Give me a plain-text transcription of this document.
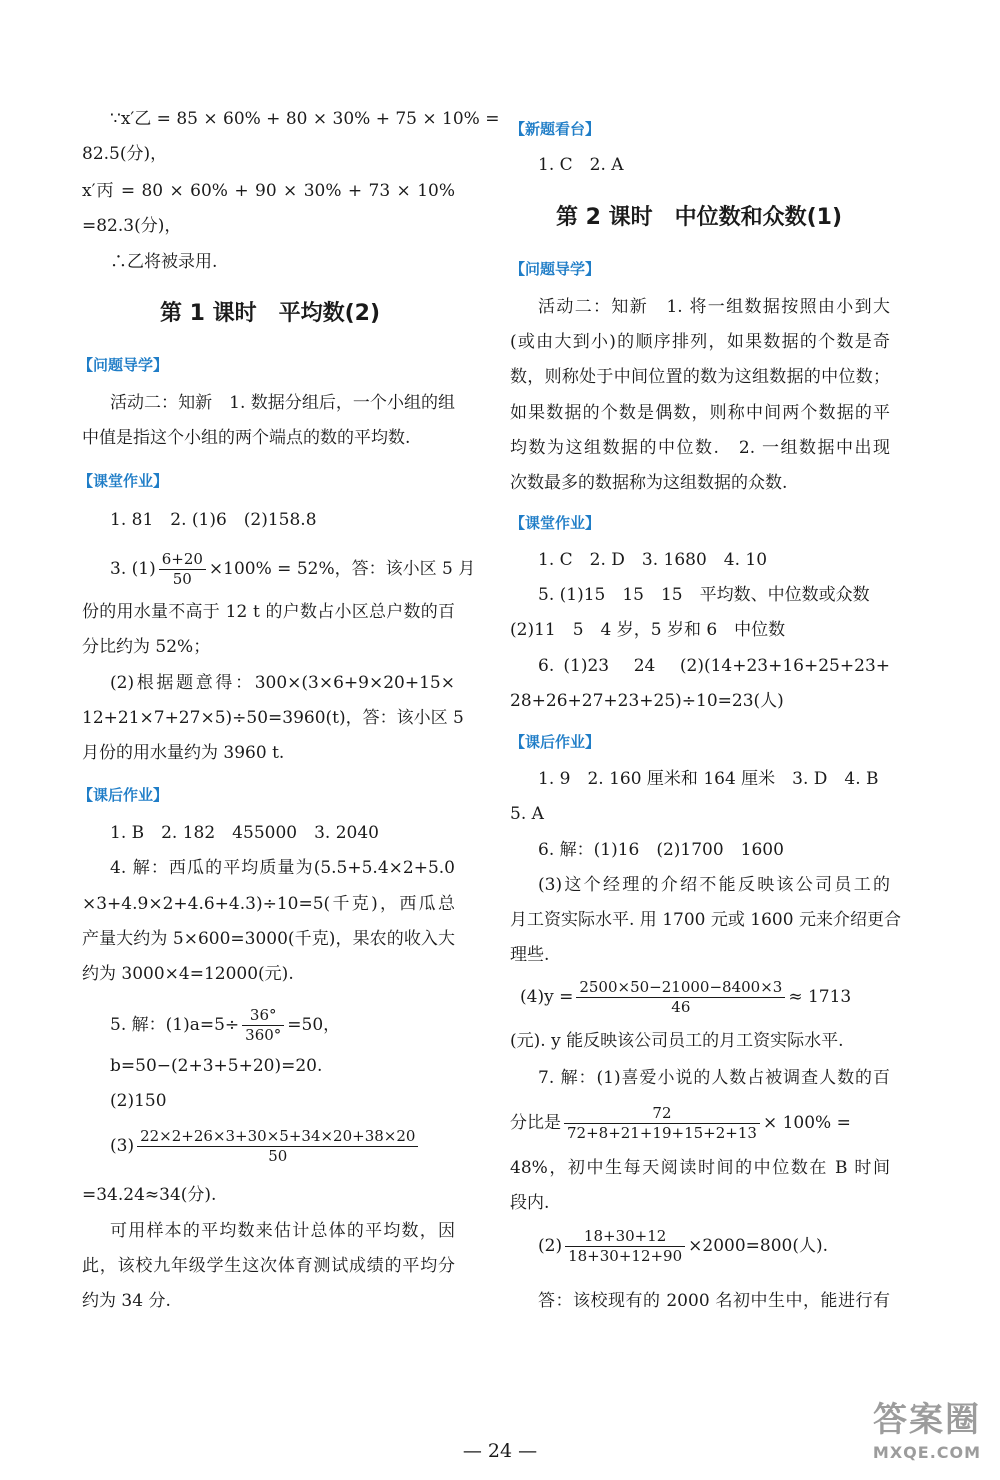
∵x′乙 = 85 × 60% + 80 × 30% + 75 × 10% =
82.5(分)，
x′丙 = 80 × 60% + 90 × 30% + 73 × 10%
=82.3(分)，
∴乙将被录用.
第 1 课时　平均数(2)
【问题导学】
活动二：知新　1. 数据分组后，一个小组的组
中值是指这个小组的两个端点的数的平均数.
【课堂作业】
1. 81　2. (1)6　(2)158.8
3. $(1) \frac{6+20}{50} \times 100\% = 52\%$，答：该小区 5 月
份的用水量不高于 12 t 的户数占小区总户数的百
分比约为 52%；
(2)根据题意得：300×(3×6+9×20+15×
12+21×7+27×5)÷50=3960(t)，答：该小区 5
月份的用水量约为 3960 t.
【课后作业】
1. B　2. 182　455000　3. 2040
4. 解：西瓜的平均质量为(5.5+5.4×2+5.0
×3+4.9×2+4.6+4.3)÷10=5(千克)，西瓜总
产量大约为 5×600=3000(千克)，果农的收入大
约为 3000×4=12000(元).
5. 解：$(1)a=5\div \frac{36^\circ}{360^\circ} =50$，
b=50−(2+3+5+20)=20.
(2)150
$(3) \frac{22\times 2+26\times 3+30\times 5+34\times 20+38\times 20}{50}$
=34.24≈34(分).
可用样本的平均数来估计总体的平均数，因
此，该校九年级学生这次体育测试成绩的平均分
约为 34 分.
【新题看台】
1. C　2. A
第 2 课时　中位数和众数(1)
【问题导学】
活动二：知新　1. 将一组数据按照由小到大
(或由大到小)的顺序排列，如果数据的个数是奇
数，则称处于中间位置的数为这组数据的中位数；
如果数据的个数是偶数，则称中间两个数据的平
均数为这组数据的中位数.　2. 一组数据中出现
次数最多的数据称为这组数据的众数.
【课堂作业】
1. C　2. D　3. 1680　4. 10
5. (1)15　15　15　平均数、中位数或众数
(2)11　5　4 岁，5 岁和 6　中位数
6. (1)23　24　(2)(14+23+16+25+23+
28+26+27+23+25)÷10=23(人)
【课后作业】
1. 9　2. 160 厘米和 164 厘米　3. D　4. B
5. A
6. 解：(1)16　(2)1700　1600
(3)这个经理的介绍不能反映该公司员工的
月工资实际水平. 用 1700 元或 1600 元来介绍更合
理些.
$(4)y = \frac{2500\times 50-21000-8400\times 3}{46} \approx 1713$
(元). y 能反映该公司员工的月工资实际水平.
7. 解：(1)喜爱小说的人数占被调查人数的百
分比是 $\frac{72}{72+8+21+19+15+2+13} \times 100\%$ =
48%，初中生每天阅读时间的中位数在 B 时间
段内.
$(2) \frac{18+30+12}{18+30+12+90} \times 2000=800$(人).
答：该校现有的 2000 名初中生中，能进行有
— 24 —
答案圈
MXQE.COM
